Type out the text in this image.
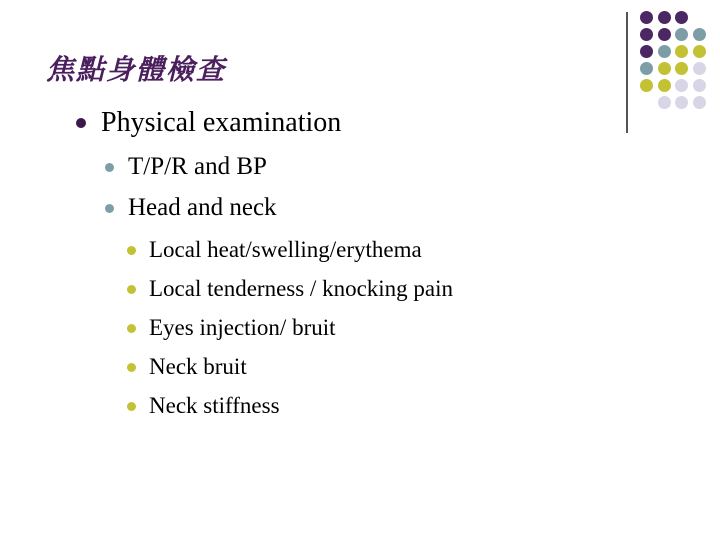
焦點身體檢查
Physical examination
T/P/R and BP
Head and neck
Local heat/swelling/erythema
Local tenderness / knocking pain
Eyes injection/ bruit
Neck bruit
Neck stiffness
